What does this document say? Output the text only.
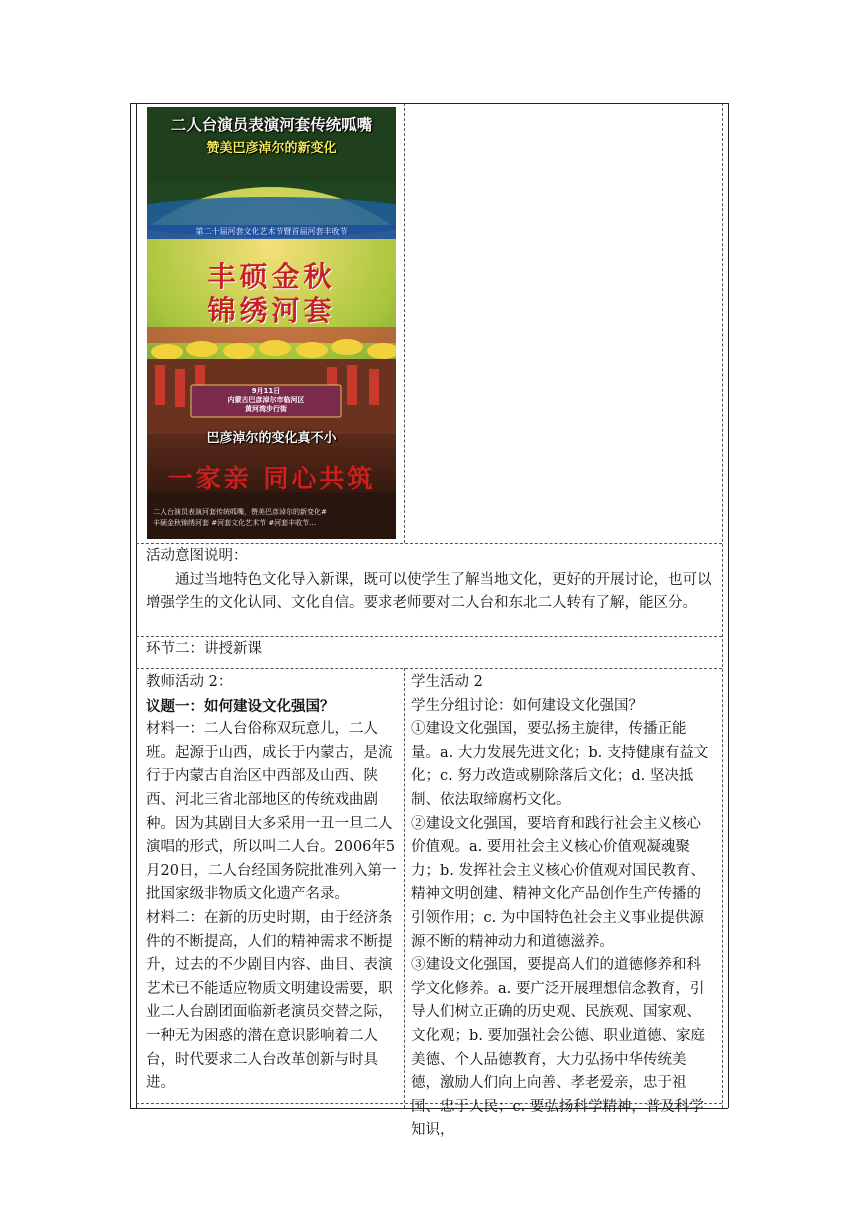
二人台演员表演河套传统呱嘴
赞美巴彦淖尔的新变化
第二十届河套文化艺术节暨首届河套丰收节
丰硕金秋
锦绣河套
9月11日
内蒙古巴彦淖尔市临河区
黄河湾步行街
巴彦淖尔的变化真不小
一家亲 同心共筑
二人台演员表演河套传统呱嘴，赞美巴彦淖尔的新变化#
丰硕金秋锦绣河套 #河套文化艺术节 #河套丰收节…

活动意图说明：

通过当地特色文化导入新课，既可以使学生了解当地文化，更好的开展讨论，也可以增强学生的文化认同、文化自信。要求老师要对二人台和东北二人转有了解，能区分。

环节二：讲授新课

教师活动 2：

议题一：如何建设文化强国？

材料一：二人台俗称双玩意儿，二人班。起源于山西，成长于内蒙古，是流行于内蒙古自治区中西部及山西、陕西、河北三省北部地区的传统戏曲剧种。因为其剧目大多采用一丑一旦二人演唱的形式，所以叫二人台。2006年5月20日，二人台经国务院批准列入第一批国家级非物质文化遗产名录。

材料二：在新的历史时期，由于经济条件的不断提高，人们的精神需求不断提升，过去的不少剧目内容、曲目、表演艺术已不能适应物质文明建设需要，职业二人台剧团面临新老演员交替之际，一种无为困惑的潜在意识影响着二人台，时代要求二人台改革创新与时具进。

学生活动 2

学生分组讨论：如何建设文化强国？

①建设文化强国，要弘扬主旋律，传播正能量。a. 大力发展先进文化；b. 支持健康有益文化；c. 努力改造或剔除落后文化；d. 坚决抵制、依法取缔腐朽文化。

②建设文化强国，要培育和践行社会主义核心价值观。a. 要用社会主义核心价值观凝魂聚力；b. 发挥社会主义核心价值观对国民教育、精神文明创建、精神文化产品创作生产传播的引领作用；c. 为中国特色社会主义事业提供源源不断的精神动力和道德滋养。

③建设文化强国，要提高人们的道德修养和科学文化修养。a. 要广泛开展理想信念教育，引导人们树立正确的历史观、民族观、国家观、文化观；b. 要加强社会公德、职业道德、家庭美德、个人品德教育，大力弘扬中华传统美德，激励人们向上向善、孝老爱亲，忠于祖国、忠于人民；c. 要弘扬科学精神，普及科学知识，
